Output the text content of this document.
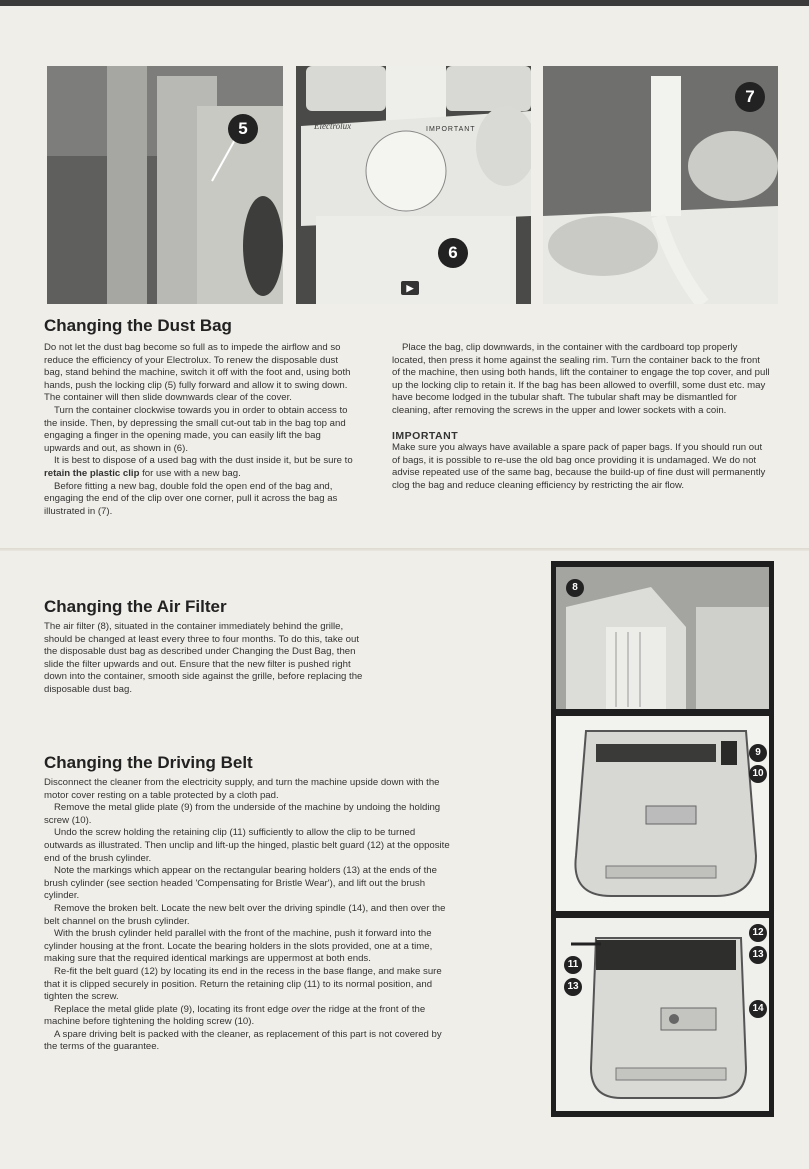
5	Electrolux	IMPORTANT
▶
6
7
Changing the Dust Bag

Do not let the dust bag become so full as to impede the airflow and so reduce the efficiency of your Electrolux. To renew the disposable dust bag, stand behind the machine, switch it off with the foot and, using both hands, push the locking clip (5) fully forward and allow it to swing down. The container will then slide downwards clear of the cover.

Turn the container clockwise towards you in order to obtain access to the inside. Then, by depressing the small cut-out tab in the bag top and engaging a finger in the opening made, you can easily lift the bag upwards and out, as shown in (6).

It is best to dispose of a used bag with the dust inside it, but be sure to retain the plastic clip for use with a new bag.

Before fitting a new bag, double fold the open end of the bag and, engaging the end of the clip over one corner, pull it across the bag as illustrated in (7).

Place the bag, clip downwards, in the container with the cardboard top properly located, then press it home against the sealing rim. Turn the container back to the front of the machine, then using both hands, lift the container to engage the top cover, and pull up the locking clip to retain it. If the bag has been allowed to overfill, some dust etc. may have become lodged in the tubular shaft. The tubular shaft may be dismantled for cleaning, after removing the screws in the upper and lower sockets with a coin.

IMPORTANT

Make sure you always have available a spare pack of paper bags. If you should run out of bags, it is possible to re-use the old bag once providing it is undamaged. We do not advise repeated use of the same bag, because the build-up of fine dust will permanently clog the bag and reduce cleaning efficiency by restricting the air flow.

Changing the Air Filter

The air filter (8), situated in the container immediately behind the grille, should be changed at least every three to four months. To do this, take out the disposable dust bag as described under Changing the Dust Bag, then slide the filter upwards and out. Ensure that the new filter is pushed right down into the container, smooth side against the grille, before replacing the disposable dust bag.

Changing the Driving Belt

Disconnect the cleaner from the electricity supply, and turn the machine upside down with the motor cover resting on a table protected by a cloth pad.

Remove the metal glide plate (9) from the underside of the machine by undoing the holding screw (10).

Undo the screw holding the retaining clip (11) sufficiently to allow the clip to be turned outwards as illustrated. Then unclip and lift-up the hinged, plastic belt guard (12) at the opposite end of the brush cylinder.

Note the markings which appear on the rectangular bearing holders (13) at the ends of the brush cylinder (see section headed 'Compensating for Bristle Wear'), and lift out the brush cylinder.

Remove the broken belt. Locate the new belt over the driving spindle (14), and then over the belt channel on the brush cylinder.

With the brush cylinder held parallel with the front of the machine, push it forward into the cylinder housing at the front. Locate the bearing holders in the slots provided, one at a time, making sure that the required identical markings are uppermost at both ends.

Re-fit the belt guard (12) by locating its end in the recess in the base flange, and make sure that it is clipped securely in position. Return the retaining clip (11) to its normal position, and tighten the screw.

Replace the metal glide plate (9), locating its front edge over the ridge at the front of the machine before tightening the holding screw (10).

A spare driving belt is packed with the cleaner, as replacement of this part is not covered by the terms of the guarantee.

8
9
10
12
13
11
13
14
